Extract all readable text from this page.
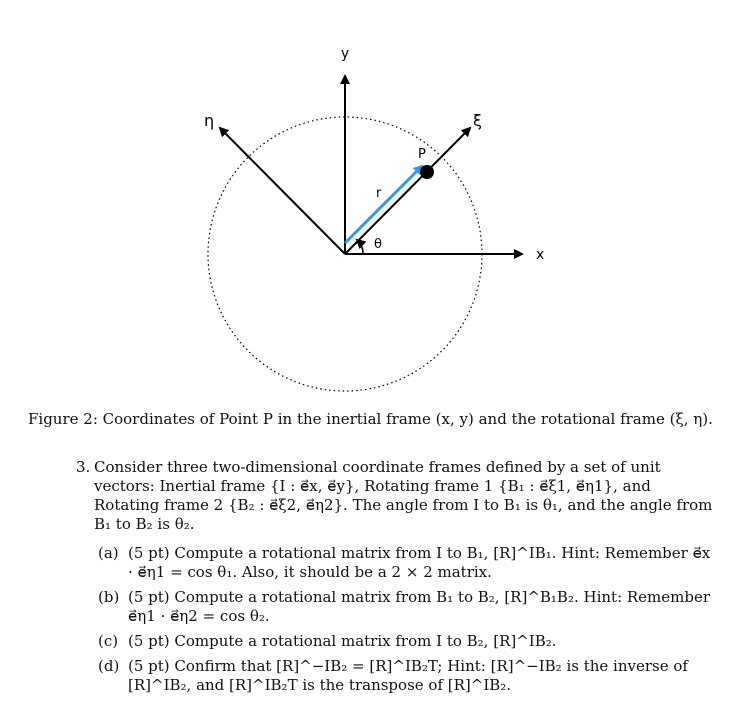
y
x
η	ξ
P
r
θ
Figure 2: Coordinates of Point P in the inertial frame (x, y) and the rotational frame (ξ, η).
3. Consider three two-dimensional coordinate frames defined by a set of unit vectors: Inertial frame {I : e⃗x, e⃗y}, Rotating frame 1 {B₁ : e⃗ξ1, e⃗η1}, and Rotating frame 2 {B₂ : e⃗ξ2, e⃗η2}. The angle from I to B₁ is θ₁, and the angle from B₁ to B₂ is θ₂.
(a) (5 pt) Compute a rotational matrix from I to B₁, [R]^IB₁. Hint: Remember e⃗x · e⃗η1 = cos θ₁. Also, it should be a 2 × 2 matrix.
(b) (5 pt) Compute a rotational matrix from B₁ to B₂, [R]^B₁B₂. Hint: Remember e⃗η1 · e⃗η2 = cos θ₂.
(c) (5 pt) Compute a rotational matrix from I to B₂, [R]^IB₂.
(d) (5 pt) Confirm that [R]^−IB₂ = [R]^IB₂T; Hint: [R]^−IB₂ is the inverse of [R]^IB₂, and [R]^IB₂T is the transpose of [R]^IB₂.
